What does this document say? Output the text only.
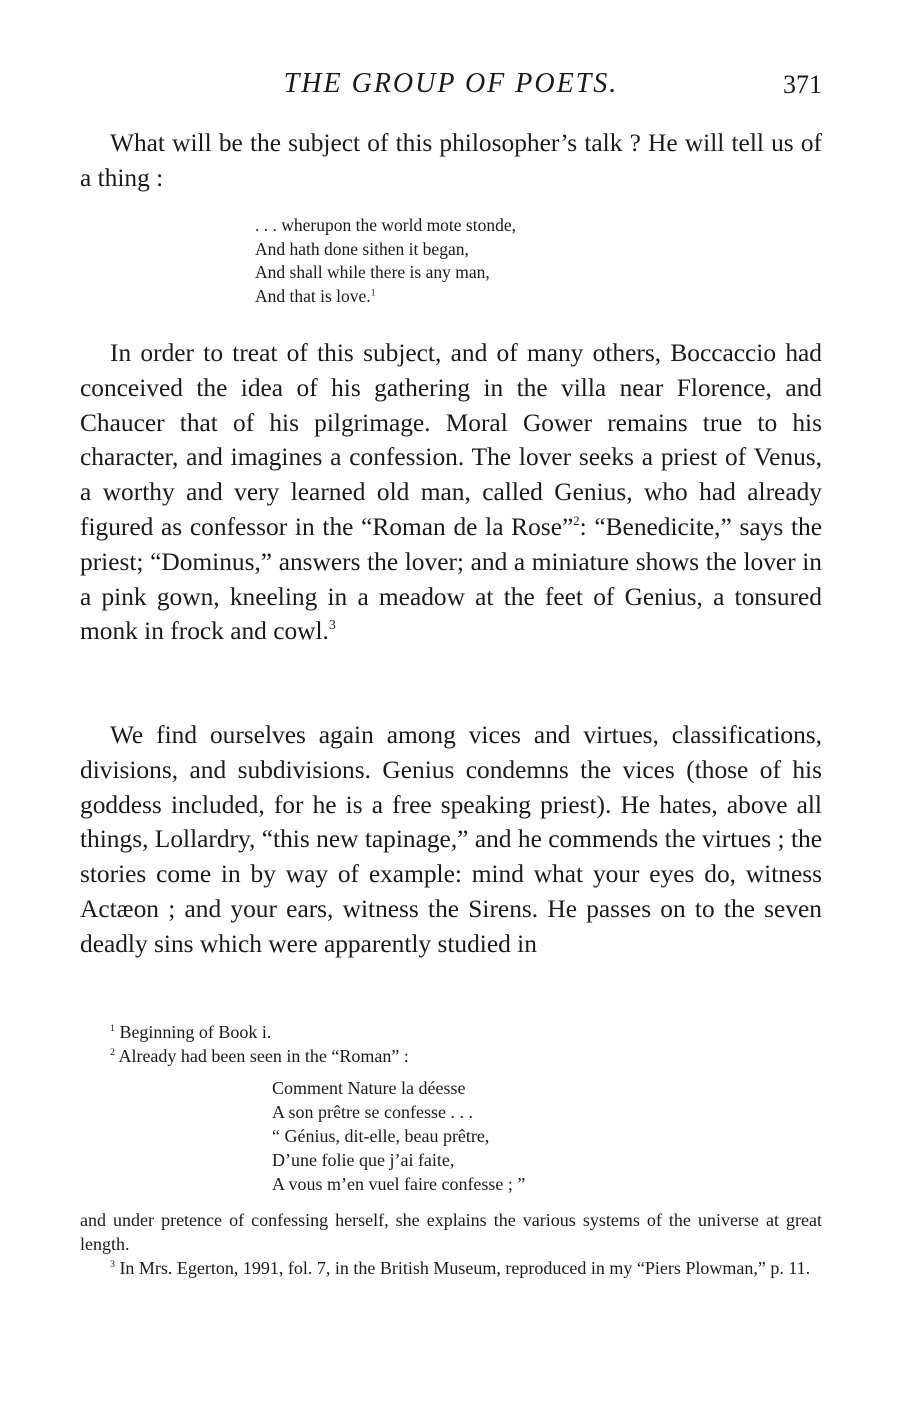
THE GROUP OF POETS.	371

What will be the subject of this philosopher’s talk ? He will tell us of a thing :

. . . wherupon the world mote stonde,
And hath done sithen it began,
And shall while there is any man,
And that is love.$^1$

In order to treat of this subject, and of many others, Boccaccio had conceived the idea of his gathering in the villa near Florence, and Chaucer that of his pilgrimage. Moral Gower remains true to his character, and imagines a confession. The lover seeks a priest of Venus, a worthy and very learned old man, called Genius, who had already figured as confessor in the “Roman de la Rose”$^2$: “Benedicite,” says the priest; “Dominus,” answers the lover; and a miniature shows the lover in a pink gown, kneeling in a meadow at the feet of Genius, a tonsured monk in frock and cowl.$^3$

We find ourselves again among vices and virtues, classifications, divisions, and subdivisions. Genius condemns the vices (those of his goddess included, for he is a free speaking priest). He hates, above all things, Lollardry, “this new tapinage,” and he commends the virtues ; the stories come in by way of example: mind what your eyes do, witness Actæon ; and your ears, witness the Sirens. He passes on to the seven deadly sins which were apparently studied in

$^1$ Beginning of Book i.

$^2$ Already had been seen in the “Roman” :

Comment Nature la déesse
A son prêtre se confesse . . .
“ Génius, dit-elle, beau prêtre,
D’une folie que j’ai faite,
A vous m’en vuel faire confesse ; ”

and under pretence of confessing herself, she explains the various systems of the universe at great length.

$^3$ In Mrs. Egerton, 1991, fol. 7, in the British Museum, reproduced in my “Piers Plowman,” p. 11.
